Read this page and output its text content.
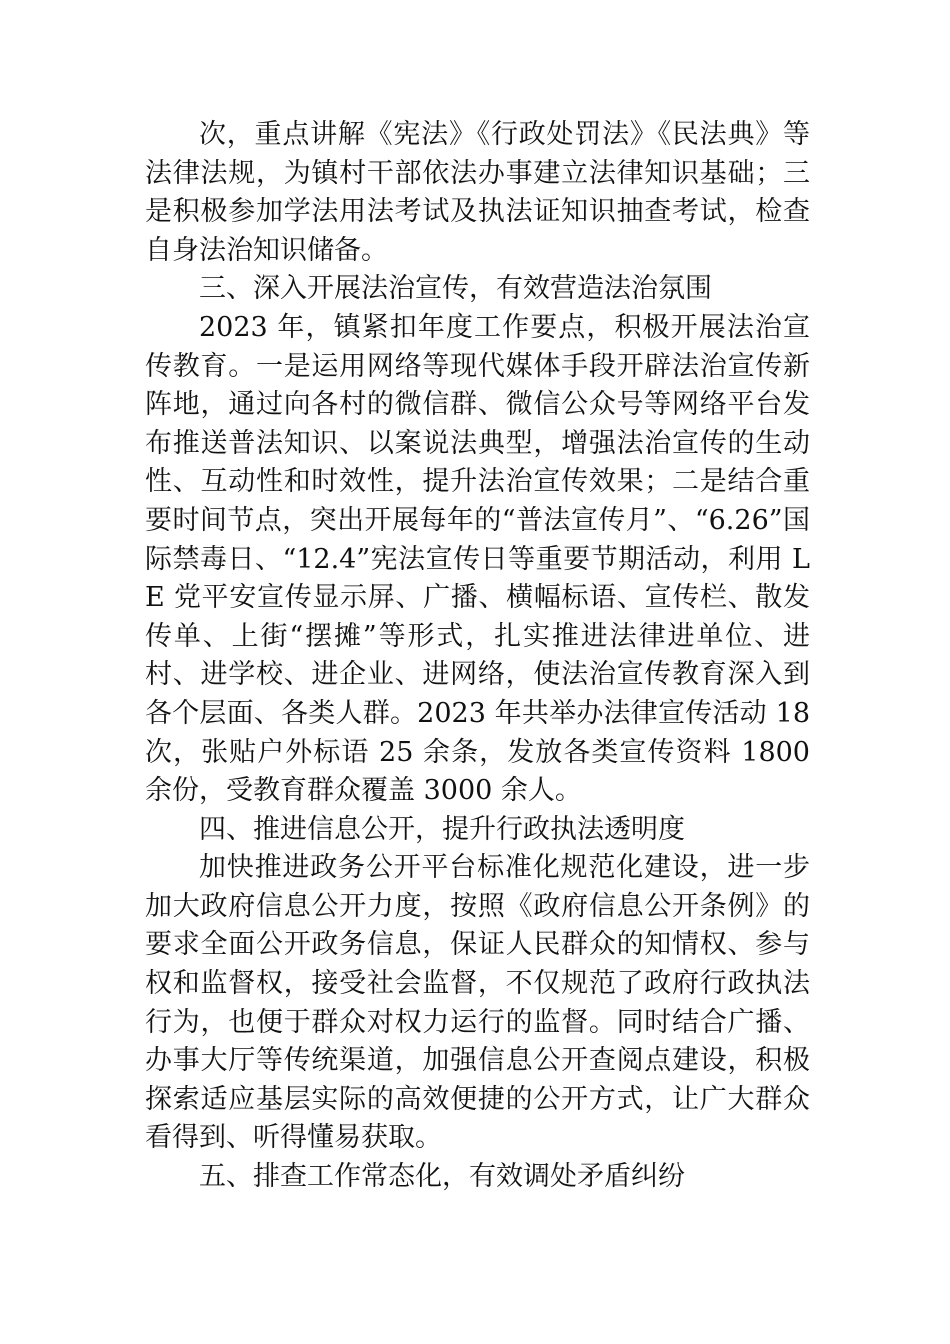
次，重点讲解《宪法》《行政处罚法》《民法典》等法律法规，为镇村干部依法办事建立法律知识基础；三是积极参加学法用法考试及执法证知识抽查考试，检查自身法治知识储备。

三、深入开展法治宣传，有效营造法治氛围

2023 年，镇紧扣年度工作要点，积极开展法治宣传教育。一是运用网络等现代媒体手段开辟法治宣传新阵地，通过向各村的微信群、微信公众号等网络平台发布推送普法知识、以案说法典型，增强法治宣传的生动性、互动性和时效性，提升法治宣传效果；二是结合重要时间节点，突出开展每年的“普法宣传月”、“6.26”国际禁毒日、“12.4”宪法宣传日等重要节期活动，利用 LE 党平安宣传显示屏、广播、横幅标语、宣传栏、散发传单、上街“摆摊”等形式，扎实推进法律进单位、进村、进学校、进企业、进网络，使法治宣传教育深入到各个层面、各类人群。2023 年共举办法律宣传活动 18 次，张贴户外标语 25 余条，发放各类宣传资料 1800 余份，受教育群众覆盖 3000 余人。

四、推进信息公开，提升行政执法透明度

加快推进政务公开平台标准化规范化建设，进一步加大政府信息公开力度，按照《政府信息公开条例》的要求全面公开政务信息，保证人民群众的知情权、参与权和监督权，接受社会监督，不仅规范了政府行政执法行为，也便于群众对权力运行的监督。同时结合广播、办事大厅等传统渠道，加强信息公开查阅点建设，积极探索适应基层实际的高效便捷的公开方式，让广大群众看得到、听得懂易获取。

五、排查工作常态化，有效调处矛盾纠纷
